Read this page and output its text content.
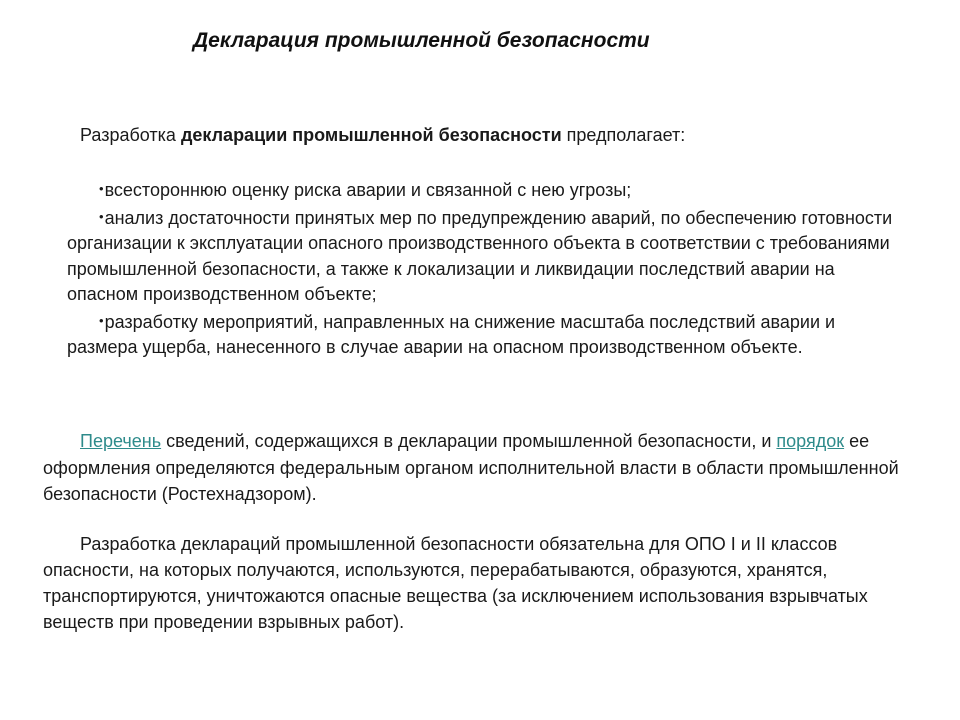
Декларация промышленной безопасности
Разработка декларации промышленной безопасности предполагает:
•всестороннюю оценку риска аварии и связанной с нею угрозы;
•анализ достаточности принятых мер по предупреждению аварий, по обеспечению готовности организации к эксплуатации опасного производственного объекта в соответствии с требованиями промышленной безопасности, а также к локализации и ликвидации последствий аварии на опасном производственном объекте;
•разработку мероприятий, направленных на снижение масштаба последствий аварии и размера ущерба, нанесенного в случае аварии на опасном производственном объекте.
Перечень сведений, содержащихся в декларации промышленной безопасности, и порядок ее оформления определяются федеральным органом исполнительной власти в области промышленной безопасности (Ростехнадзором).
Разработка деклараций промышленной безопасности обязательна для ОПО I и II классов опасности, на которых получаются, используются, перерабатываются, образуются, хранятся, транспортируются, уничтожаются опасные вещества (за исключением использования взрывчатых веществ при проведении взрывных работ).
